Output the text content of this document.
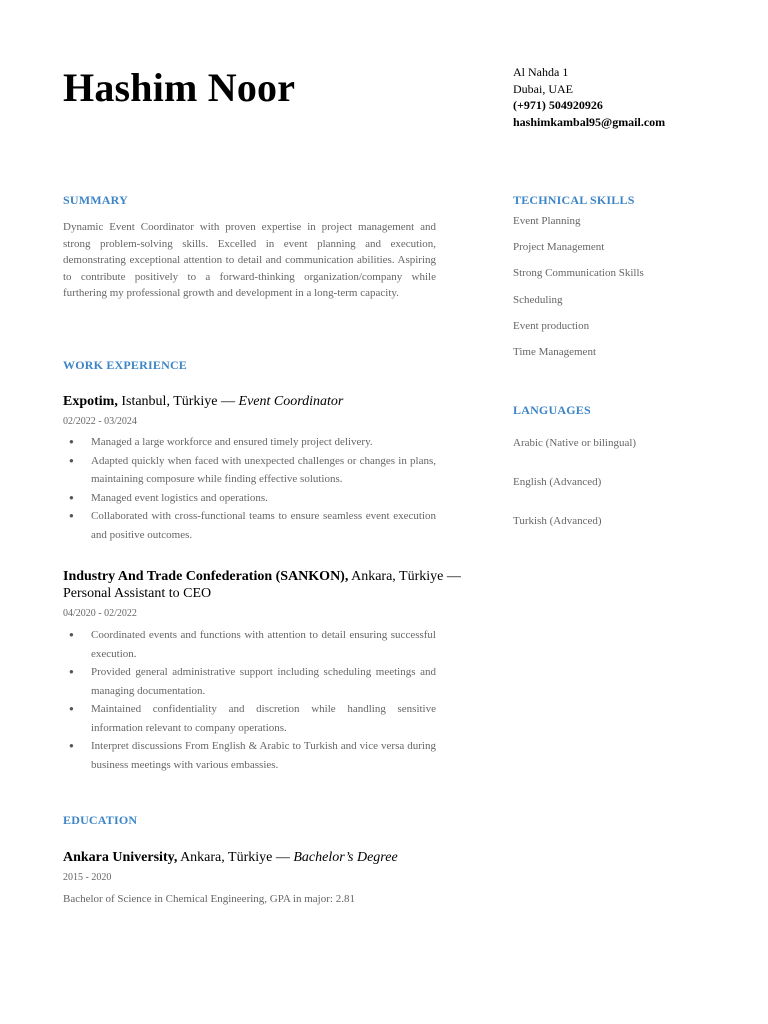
Hashim Noor	Al Nahda 1
Dubai, UAE
(+971) 504920926
hashimkambal95@gmail.com
SUMMARY
Dynamic Event Coordinator with proven expertise in project management and strong problem-solving skills. Excelled in event planning and execution, demonstrating exceptional attention to detail and communication abilities. Aspiring to contribute positively to a forward-thinking organization/company while furthering my professional growth and development in a long-term capacity.
WORK EXPERIENCE
Expotim, Istanbul, Türkiye — Event Coordinator
02/2022 - 03/2024
● Managed a large workforce and ensured timely project delivery.
● Adapted quickly when faced with unexpected challenges or changes in plans, maintaining composure while finding effective solutions.
● Managed event logistics and operations.
● Collaborated with cross-functional teams to ensure seamless event execution and positive outcomes.
Industry And Trade Confederation (SANKON), Ankara, Türkiye — Personal Assistant to CEO
04/2020 - 02/2022
● Coordinated events and functions with attention to detail ensuring successful execution.
● Provided general administrative support including scheduling meetings and managing documentation.
● Maintained confidentiality and discretion while handling sensitive information relevant to company operations.
● Interpret discussions From English & Arabic to Turkish and vice versa during business meetings with various embassies.
EDUCATION
Ankara University, Ankara, Türkiye — Bachelor’s Degree
2015 - 2020
Bachelor of Science in Chemical Engineering, GPA in major: 2.81
TECHNICAL SKILLS
Event Planning
Project Management
Strong Communication Skills
Scheduling
Event production
Time Management
LANGUAGES
Arabic (Native or bilingual)
English (Advanced)
Turkish (Advanced)
